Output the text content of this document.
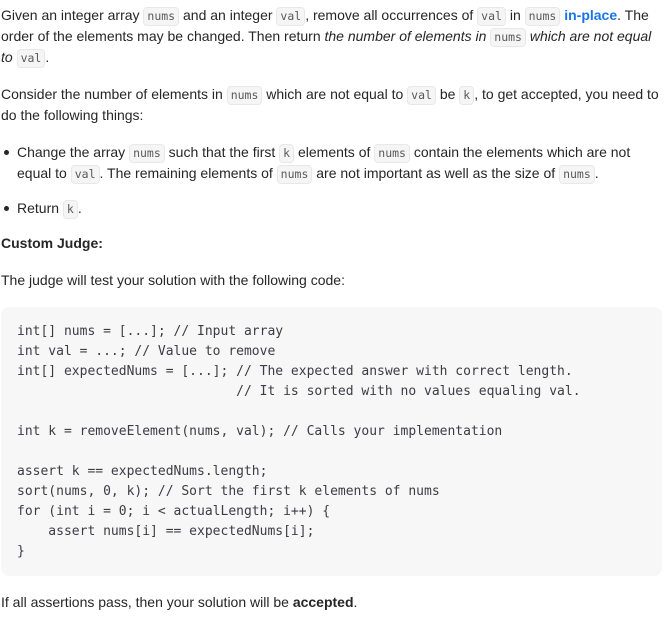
Given an integer array nums and an integer val , remove all occurrences of val in nums in-place. The order of the elements may be changed. Then return the number of elements in nums which are not equal to val .

Consider the number of elements in nums which are not equal to val be k , to get accepted, you need to do the following things:

Change the array nums such that the first k elements of nums contain the elements which are not equal to val . The remaining elements of nums are not important as well as the size of nums .
Return k .

Custom Judge:

The judge will test your solution with the following code:

int[] nums = [...]; // Input array
int val = ...; // Value to remove
int[] expectedNums = [...]; // The expected answer with correct length.
// It is sorted with no values equaling val.

int k = removeElement(nums, val); // Calls your implementation

assert k == expectedNums.length;
sort(nums, 0, k); // Sort the first k elements of nums
for (int i = 0; i < actualLength; i++) {
assert nums[i] == expectedNums[i];
}

If all assertions pass, then your solution will be accepted.
